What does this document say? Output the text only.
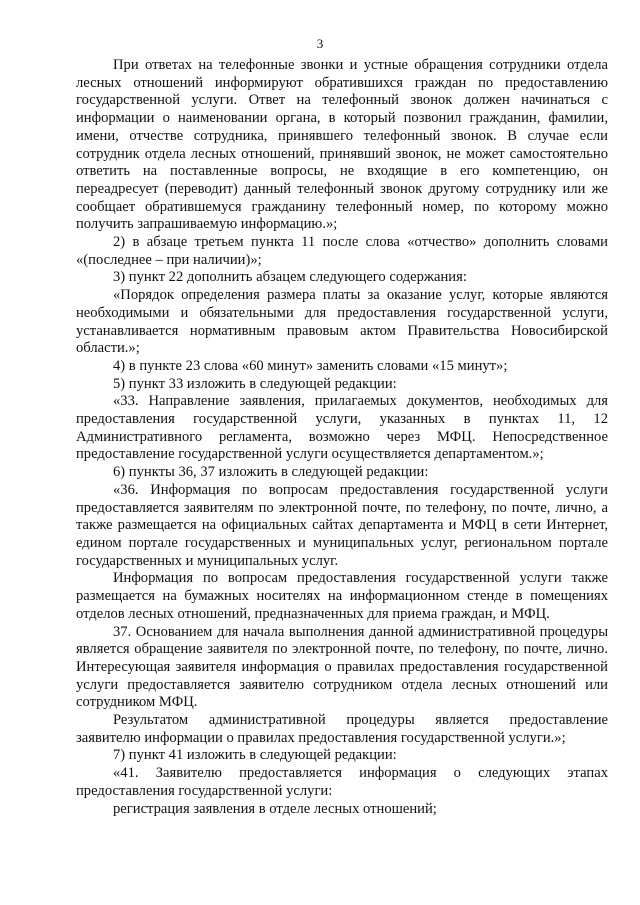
3

При ответах на телефонные звонки и устные обращения сотрудники отдела лесных отношений информируют обратившихся граждан по предоставлению государственной услуги. Ответ на телефонный звонок должен начинаться с информации о наименовании органа, в который позвонил гражданин, фамилии, имени, отчестве сотрудника, принявшего телефонный звонок. В случае если сотрудник отдела лесных отношений, принявший звонок, не может самостоятельно ответить на поставленные вопросы, не входящие в его компетенцию, он переадресует (переводит) данный телефонный звонок другому сотруднику или же сообщает обратившемуся гражданину телефонный номер, по которому можно получить запрашиваемую информацию.»;

2) в абзаце третьем пункта 11 после слова «отчество» дополнить словами «(последнее – при наличии)»;

3) пункт 22 дополнить абзацем следующего содержания:

«Порядок определения размера платы за оказание услуг, которые являются необходимыми и обязательными для предоставления государственной услуги, устанавливается нормативным правовым актом Правительства Новосибирской области.»;

4) в пункте 23 слова «60 минут» заменить словами «15 минут»;

5) пункт 33 изложить в следующей редакции:

«33. Направление заявления, прилагаемых документов, необходимых для предоставления государственной услуги, указанных в пунктах 11, 12 Административного регламента, возможно через МФЦ. Непосредственное предоставление государственной услуги осуществляется департаментом.»;

6) пункты 36, 37 изложить в следующей редакции:

«36. Информация по вопросам предоставления государственной услуги предоставляется заявителям по электронной почте, по телефону, по почте, лично, а также размещается на официальных сайтах департамента и МФЦ в сети Интернет, едином портале государственных и муниципальных услуг, региональном портале государственных и муниципальных услуг.

Информация по вопросам предоставления государственной услуги также размещается на бумажных носителях на информационном стенде в помещениях отделов лесных отношений, предназначенных для приема граждан, и МФЦ.

37. Основанием для начала выполнения данной административной процедуры является обращение заявителя по электронной почте, по телефону, по почте, лично. Интересующая заявителя информация о правилах предоставления государственной услуги предоставляется заявителю сотрудником отдела лесных отношений или сотрудником МФЦ.

Результатом административной процедуры является предоставление заявителю информации о правилах предоставления государственной услуги.»;

7) пункт 41 изложить в следующей редакции:

«41. Заявителю предоставляется информация о следующих этапах предоставления государственной услуги:

регистрация заявления в отделе лесных отношений;
